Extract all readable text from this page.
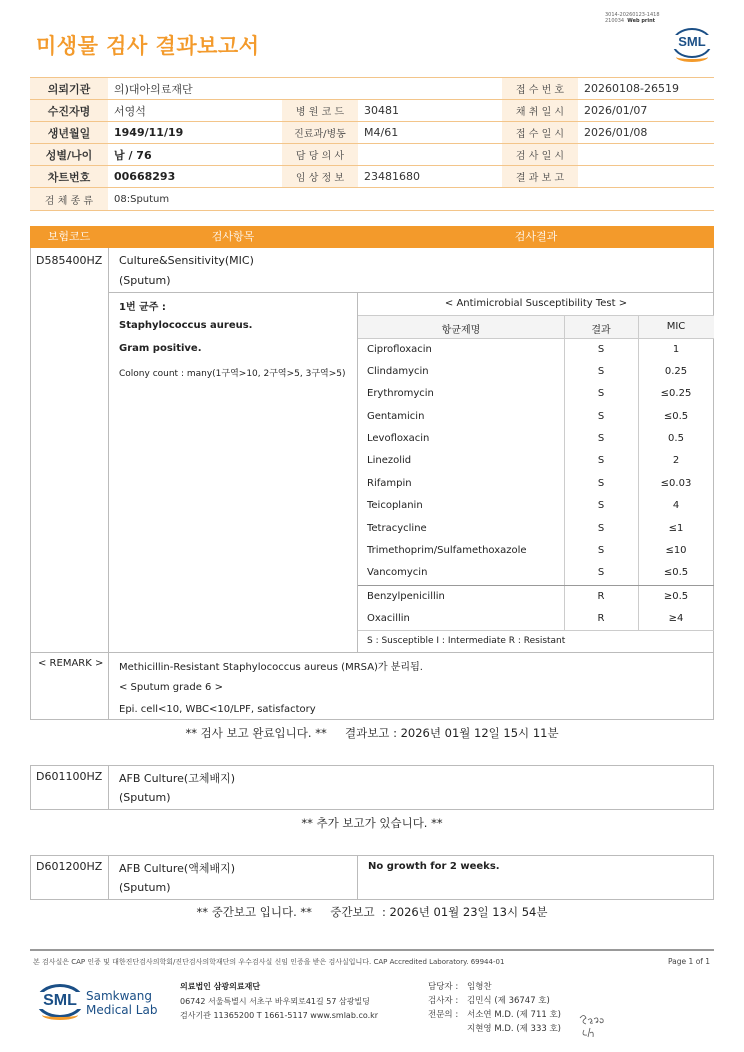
미생물 검사 결과보고서
3014-20260123-1418
210034 Web print
SML
의뢰기관	의)대아의료재단			접 수 번 호	20260108-26519
수진자명	서영석	병 원 코 드	30481	채 취 일 시	2026/01/07
생년월일	1949/11/19	진료과/병동	M4/61	접 수 일 시	2026/01/08
성별/나이	남 / 76	담 당 의 사		검 사 일 시	
차트번호	00668293	임 상 정 보	23481680	결 과 보 고	
검 체 종 류	08:Sputum				
보험코드	검사항목	검사결과
D585400HZ Culture&Sensitivity(MIC)
(Sputum)
1번 균주 :
Staphylococcus aureus.
Gram positive.
Colony count : many(1구역>10, 2구역>5, 3구역>5)
< Antimicrobial Susceptibility Test >
항균제명	결과	MIC
Ciprofloxacin	S	1
Clindamycin	S	0.25
Erythromycin	S	≤0.25
Gentamicin	S	≤0.5
Levofloxacin	S	0.5
Linezolid	S	2
Rifampin	S	≤0.03
Teicoplanin	S	4
Tetracycline	S	≤1
Trimethoprim/Sulfamethoxazole	S	≤10
Vancomycin	S	≤0.5
Benzylpenicillin	R	≥0.5
Oxacillin	R	≥4
S : Susceptible I : Intermediate R : Resistant
< REMARK > Methicillin-Resistant Staphylococcus aureus (MRSA)가 분리됨.
< Sputum grade 6 >
Epi. cell<10, WBC<10/LPF, satisfactory
** 검사 보고 완료입니다. **     결과보고 : 2026년 01월 12일 15시 11분
D601100HZ AFB Culture(고체배지)
(Sputum)
** 추가 보고가 있습니다. **
D601200HZ AFB Culture(액체배지)
(Sputum)
No growth for 2 weeks.
** 중간보고 입니다. **     중간보고  : 2026년 01월 23일 13시 54분
본 검사실은 CAP 인증 및 대한진단검사의학회/진단검사의학재단의 우수검사실 신임 인증을 받은 검사실입니다. CAP Accredited Laboratory. 69944-01	Page 1 of 1
SML Samkwang
Medical Lab
의료법인 삼광의료재단
06742 서울특별시 서초구 바우뫼로41길 57 삼광빌딩
검사기관 11365200 T 1661-5117 www.smlab.co.kr
담당자 : 임형찬
검사자 : 김민식 (제 36747 호)
전문의 : 서소연 M.D. (제 711 호)
지현영 M.D. (제 333 호)
